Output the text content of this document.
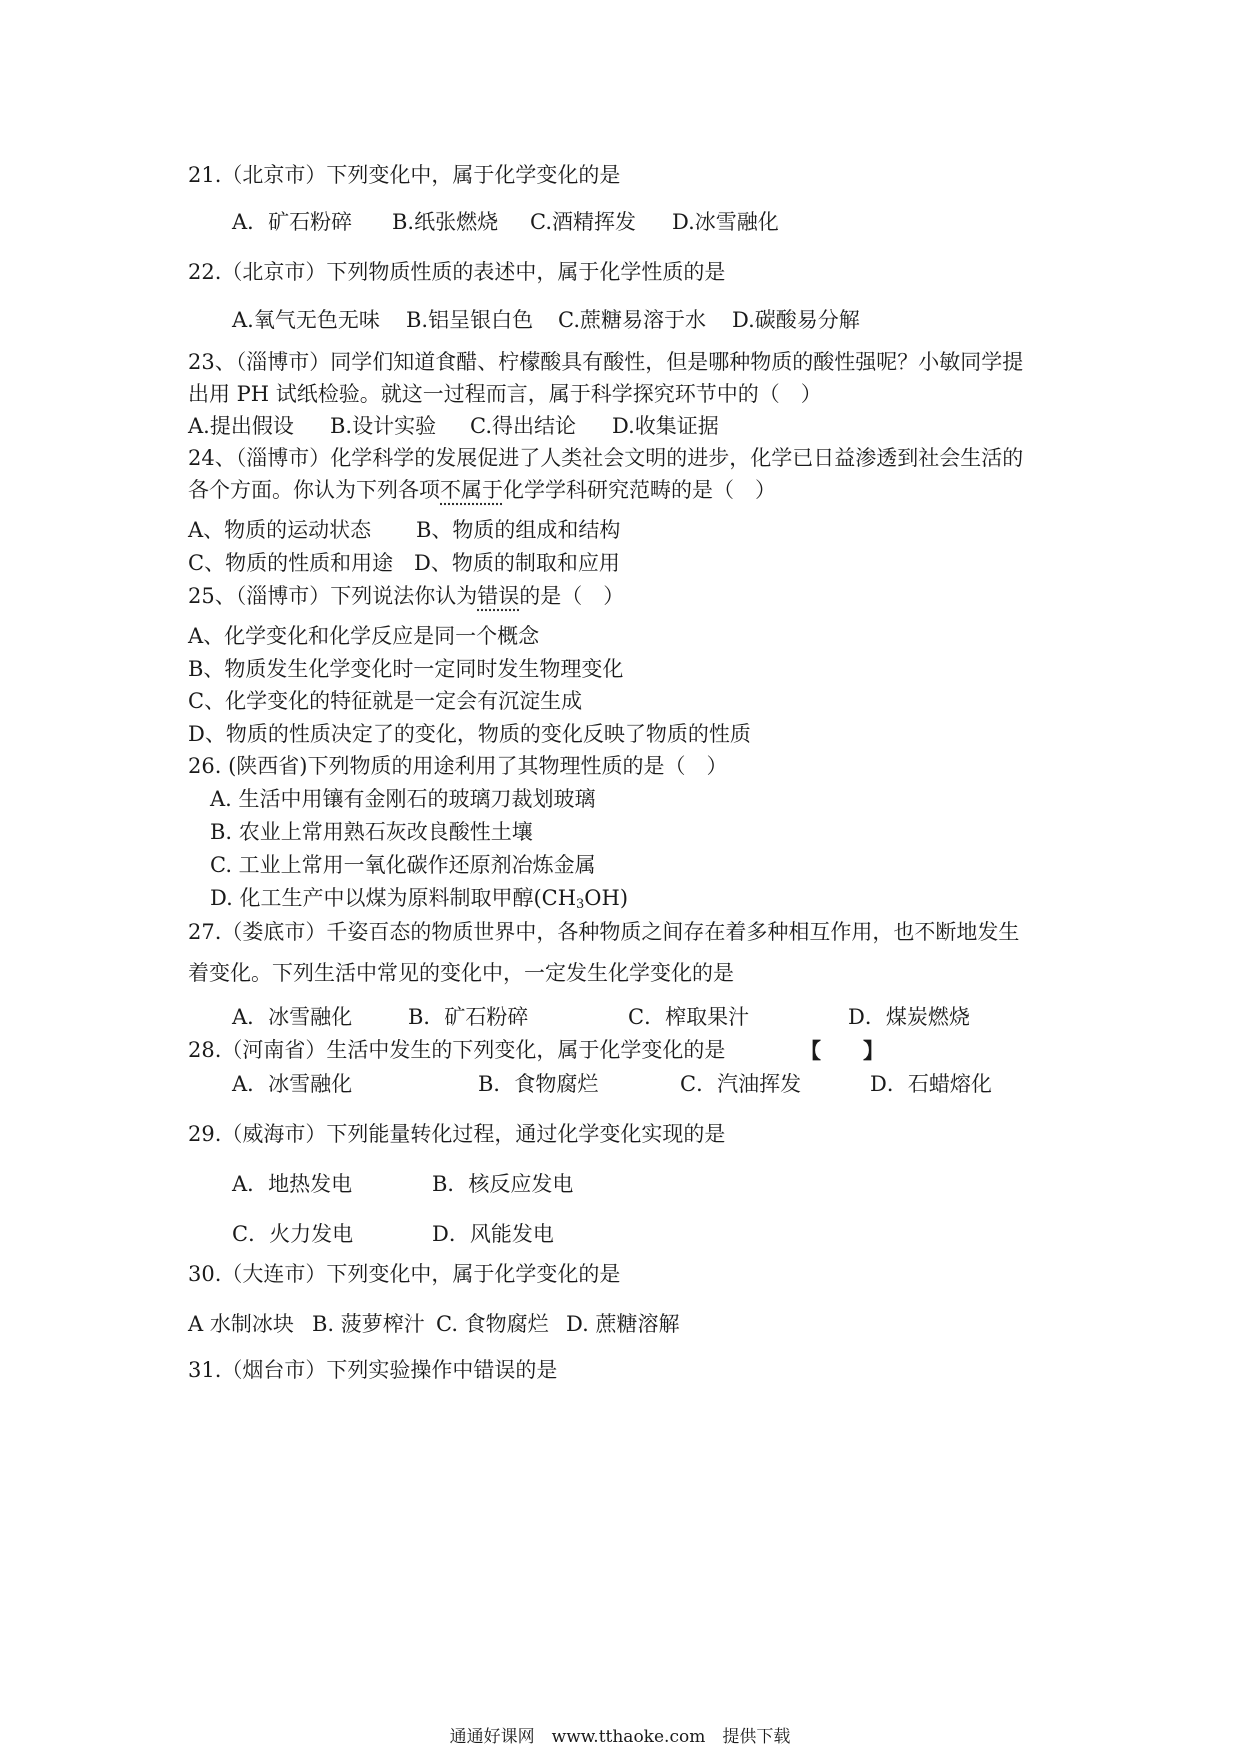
21.（北京市）下列变化中，属于化学变化的是
A．矿石粉碎 B.纸张燃烧 C.酒精挥发 D.冰雪融化
22.（北京市）下列物质性质的表述中，属于化学性质的是
A.氧气无色无味 B.铝呈银白色 C.蔗糖易溶于水 D.碳酸易分解
23、（淄博市）同学们知道食醋、柠檬酸具有酸性，但是哪种物质的酸性强呢？小敏同学提
出用 PH 试纸检验。就这一过程而言，属于科学探究环节中的（　）
A.提出假设 B.设计实验 C.得出结论 D.收集证据
24、（淄博市）化学科学的发展促进了人类社会文明的进步，化学已日益渗透到社会生活的
各个方面。你认为下列各项不属于化学学科研究范畴的是（　）
A、物质的运动状态 B、物质的组成和结构
C、物质的性质和用途 D、物质的制取和应用
25、（淄博市）下列说法你认为错误的是（　）
A、化学变化和化学反应是同一个概念
B、物质发生化学变化时一定同时发生物理变化
C、化学变化的特征就是一定会有沉淀生成
D、物质的性质决定了的变化，物质的变化反映了物质的性质
26. (陕西省)下列物质的用途利用了其物理性质的是（　）
A. 生活中用镶有金刚石的玻璃刀裁划玻璃
B. 农业上常用熟石灰改良酸性土壤
C. 工业上常用一氧化碳作还原剂冶炼金属
D. 化工生产中以煤为原料制取甲醇$(CH_3OH)$
27.（娄底市）千姿百态的物质世界中，各种物质之间存在着多种相互作用，也不断地发生
着变化。下列生活中常见的变化中，一定发生化学变化的是
A．冰雪融化	B．矿石粉碎	C．榨取果汁	D．煤炭燃烧
28.（河南省）生活中发生的下列变化，属于化学变化的是	【　　】
A．冰雪融化	B．食物腐烂	C．汽油挥发	D．石蜡熔化
29.（威海市）下列能量转化过程，通过化学变化实现的是
A．地热发电	B．核反应发电
C．火力发电	D．风能发电
30.（大连市）下列变化中，属于化学变化的是
A 水制冰块 B. 菠萝榨汁 C. 食物腐烂 D. 蔗糖溶解
31.（烟台市）下列实验操作中错误的是
通通好课网　www.tthaoke.com　提供下载
